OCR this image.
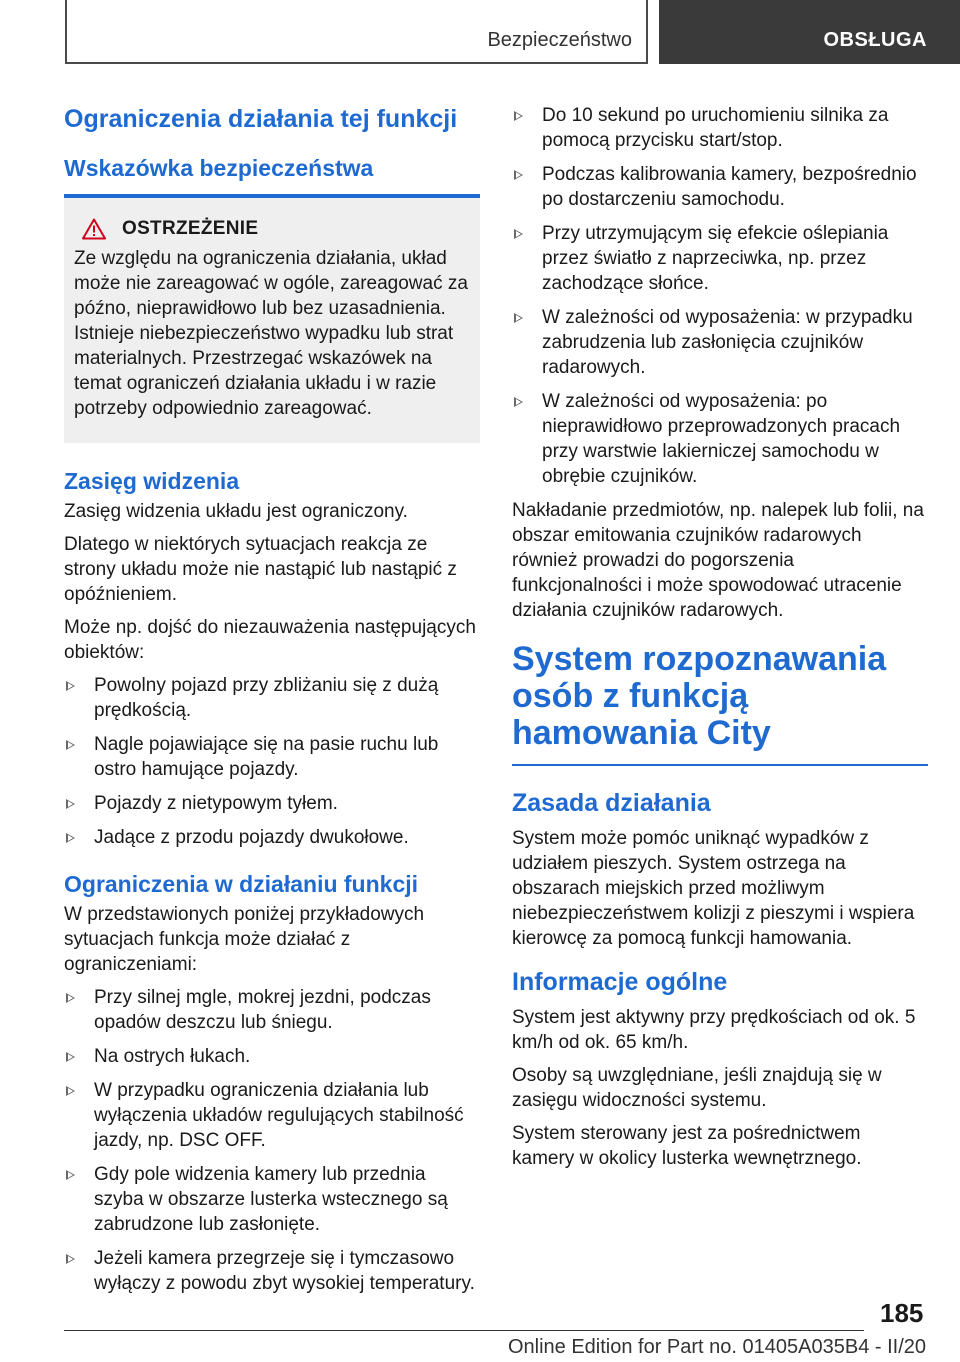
Bezpieczeństwo	OBSŁUGA
Ograniczenia działania tej funkcji
Wskazówka bezpieczeństwa
OSTRZEŻENIE
Ze względu na ograniczenia działania, układ może nie zareagować w ogóle, zareagować za późno, nieprawidłowo lub bez uzasadnienia. Istnieje niebezpieczeństwo wypadku lub strat materialnych. Przestrzegać wskazówek na temat ograniczeń działania układu i w razie potrzeby odpowiednio zareagować.
Zasięg widzenia
Zasięg widzenia układu jest ograniczony.
Dlatego w niektórych sytuacjach reakcja ze strony układu może nie nastąpić lub nastąpić z opóźnieniem.
Może np. dojść do niezauważenia następujących obiektów:
Powolny pojazd przy zbliżaniu się z dużą prędkością.
Nagle pojawiające się na pasie ruchu lub ostro hamujące pojazdy.
Pojazdy z nietypowym tyłem.
Jadące z przodu pojazdy dwukołowe.
Ograniczenia w działaniu funkcji
W przedstawionych poniżej przykładowych sytuacjach funkcja może działać z ograniczeniami:
Przy silnej mgle, mokrej jezdni, podczas opadów deszczu lub śniegu.
Na ostrych łukach.
W przypadku ograniczenia działania lub wyłączenia układów regulujących stabilność jazdy, np. DSC OFF.
Gdy pole widzenia kamery lub przednia szyba w obszarze lusterka wstecznego są zabrudzone lub zasłonięte.
Jeżeli kamera przegrzeje się i tymczasowo wyłączy z powodu zbyt wysokiej temperatury.
Do 10 sekund po uruchomieniu silnika za pomocą przycisku start/stop.
Podczas kalibrowania kamery, bezpośrednio po dostarczeniu samochodu.
Przy utrzymującym się efekcie oślepiania przez światło z naprzeciwka, np. przez zachodzące słońce.
W zależności od wyposażenia: w przypadku zabrudzenia lub zasłonięcia czujników radarowych.
W zależności od wyposażenia: po nieprawidłowo przeprowadzonych pracach przy warstwie lakierniczej samochodu w obrębie czujników.
Nakładanie przedmiotów, np. nalepek lub folii, na obszar emitowania czujników radarowych również prowadzi do pogorszenia funkcjonalności i może spowodować utracenie działania czujników radarowych.
System rozpoznawania osób z funkcją hamowania City
Zasada działania
System może pomóc uniknąć wypadków z udziałem pieszych. System ostrzega na obszarach miejskich przed możliwym niebezpieczeństwem kolizji z pieszymi i wspiera kierowcę za pomocą funkcji hamowania.
Informacje ogólne
System jest aktywny przy prędkościach od ok. 5 km/h od ok. 65 km/h.
Osoby są uwzględniane, jeśli znajdują się w zasięgu widoczności systemu.
System sterowany jest za pośrednictwem kamery w okolicy lusterka wewnętrznego.
185
Online Edition for Part no. 01405A035B4 - II/20
